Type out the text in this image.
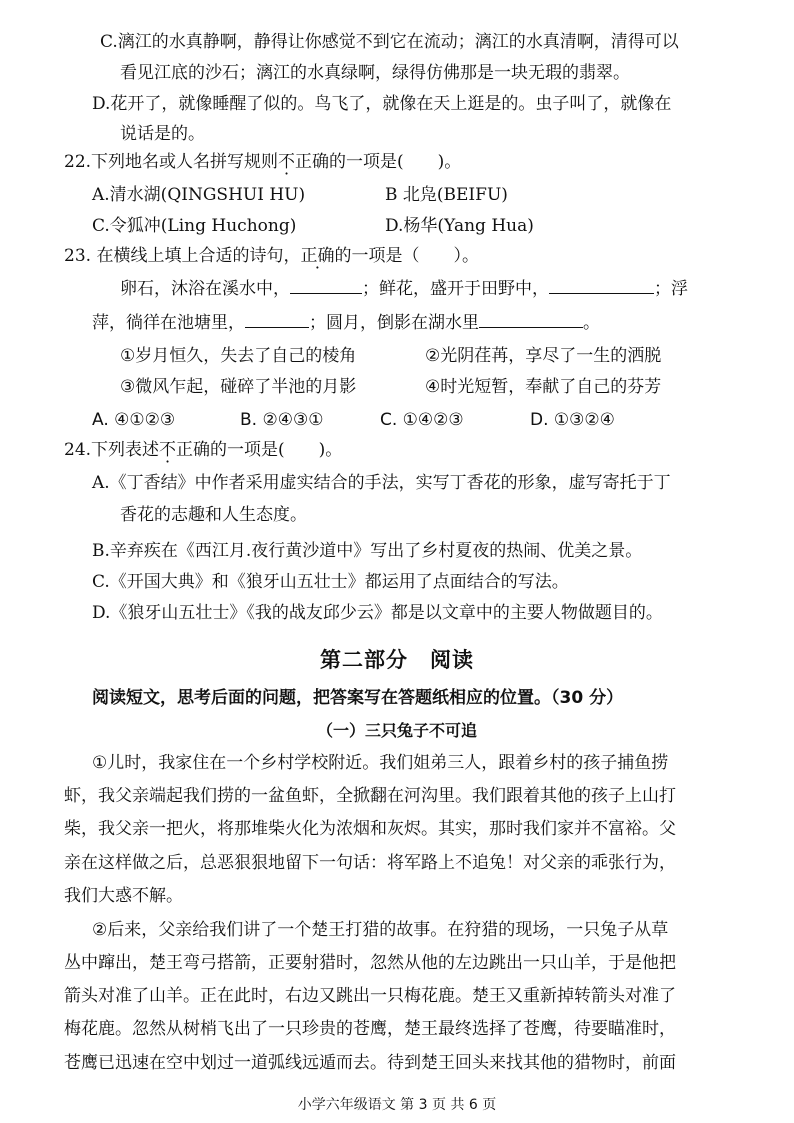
C.漓江的水真静啊，静得让你感觉不到它在流动；漓江的水真清啊，清得可以
看见江底的沙石；漓江的水真绿啊，绿得仿佛那是一块无瑕的翡翠。
D.花开了，就像睡醒了似的。鸟飞了，就像在天上逛是的。虫子叫了，就像在
说话是的。
22.下列地名或人名拼写规则不正确的一项是(　　)。
A.清水湖(QINGSHUI HU)	B 北凫(BEIFU)
C.令狐冲(Ling Huchong)	D.杨华(Yang Hua)
23. 在横线上填上合适的诗句，正确的一项是（　　）。
卵石，沐浴在溪水中，	；鲜花，盛开于田野中，	；浮
萍，徜徉在池塘里，	；圆月，倒影在湖水里	。
①岁月恒久，失去了自己的棱角	②光阴荏苒，享尽了一生的洒脱
③微风乍起，碰碎了半池的月影	④时光短暂，奉献了自己的芬芳
A. ④①②③	B. ②④③①	C. ①④②③	D. ①③②④
24.下列表述不正确的一项是(　　)。
A.《丁香结》中作者采用虚实结合的手法，实写丁香花的形象，虚写寄托于丁
香花的志趣和人生态度。
B.辛弃疾在《西江月.夜行黄沙道中》写出了乡村夏夜的热闹、优美之景。
C.《开国大典》和《狼牙山五壮士》都运用了点面结合的写法。
D.《狼牙山五壮士》《我的战友邱少云》都是以文章中的主要人物做题目的。
第二部分　阅读
阅读短文，思考后面的问题，把答案写在答题纸相应的位置。（30 分）
（一）三只兔子不可追
①儿时，我家住在一个乡村学校附近。我们姐弟三人，跟着乡村的孩子捕鱼捞
虾，我父亲端起我们捞的一盆鱼虾，全掀翻在河沟里。我们跟着其他的孩子上山打
柴，我父亲一把火，将那堆柴火化为浓烟和灰烬。其实，那时我们家并不富裕。父
亲在这样做之后，总恶狠狠地留下一句话：将军路上不追兔！对父亲的乖张行为，
我们大惑不解。
②后来，父亲给我们讲了一个楚王打猎的故事。在狩猎的现场，一只兔子从草
丛中蹿出，楚王弯弓搭箭，正要射猎时，忽然从他的左边跳出一只山羊，于是他把
箭头对准了山羊。正在此时，右边又跳出一只梅花鹿。楚王又重新掉转箭头对准了
梅花鹿。忽然从树梢飞出了一只珍贵的苍鹰，楚王最终选择了苍鹰，待要瞄准时，
苍鹰已迅速在空中划过一道弧线远遁而去。待到楚王回头来找其他的猎物时，前面
小学六年级语文 第 3 页 共 6 页
